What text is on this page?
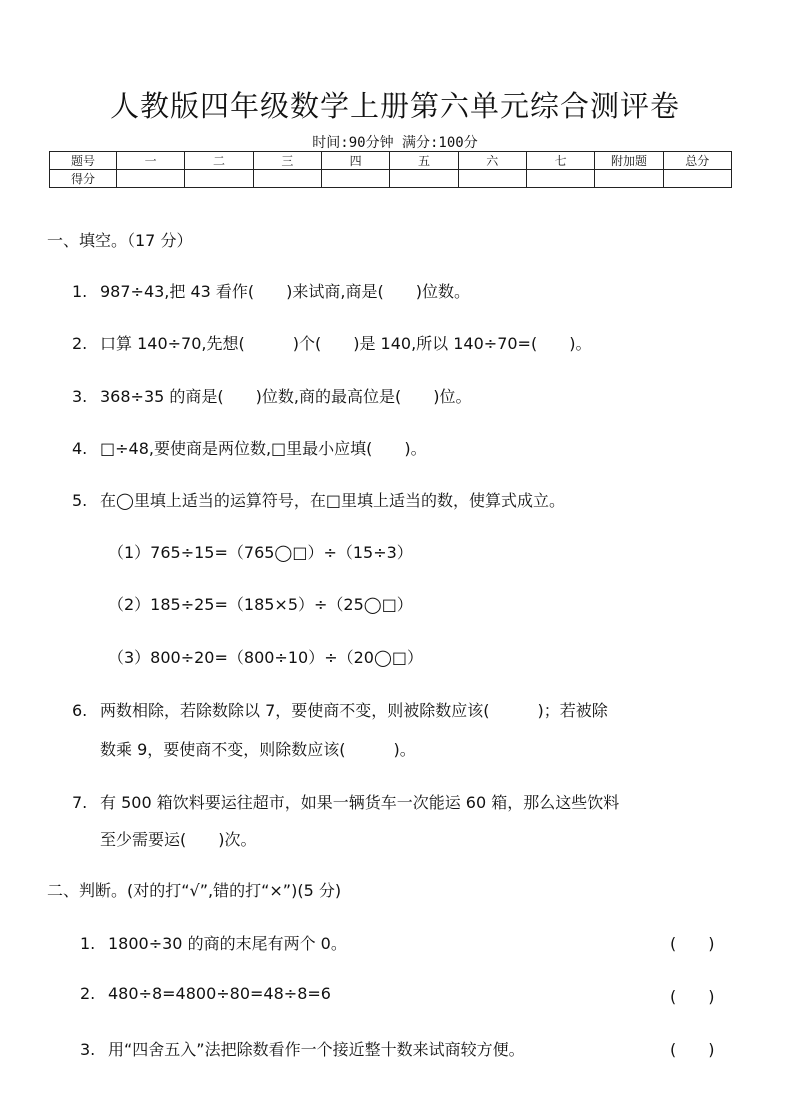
人教版四年级数学上册第六单元综合测评卷
时间:90分钟 满分:100分
题号	一	二	三	四	五	六	七	附加题	总分
得分									
一、填空。（17 分）
1. 987÷43,把 43 看作(　　)来试商,商是(　　)位数。
2. 口算 140÷70,先想(　　　)个(　　)是 140,所以 140÷70=(　　)。
3. 368÷35 的商是(　　)位数,商的最高位是(　　)位。
4. □÷48,要使商是两位数,□里最小应填(　　)。
5. 在◯里填上适当的运算符号，在□里填上适当的数，使算式成立。
（1）765÷15=（765◯□）÷（15÷3）
（2）185÷25=（185×5）÷（25◯□）
（3）800÷20=（800÷10）÷（20◯□）
6. 两数相除，若除数除以 7，要使商不变，则被除数应该(　　　)；若被除
数乘 9，要使商不变，则除数应该(　　　)。
7. 有 500 箱饮料要运往超市，如果一辆货车一次能运 60 箱，那么这些饮料
至少需要运(　　)次。
二、判断。(对的打“√”,错的打“×”)(5 分)
1. 1800÷30 的商的末尾有两个 0。	(　　)
2. 480÷8=4800÷80=48÷8=6	(　　)
3. 用“四舍五入”法把除数看作一个接近整十数来试商较方便。	(　　)
